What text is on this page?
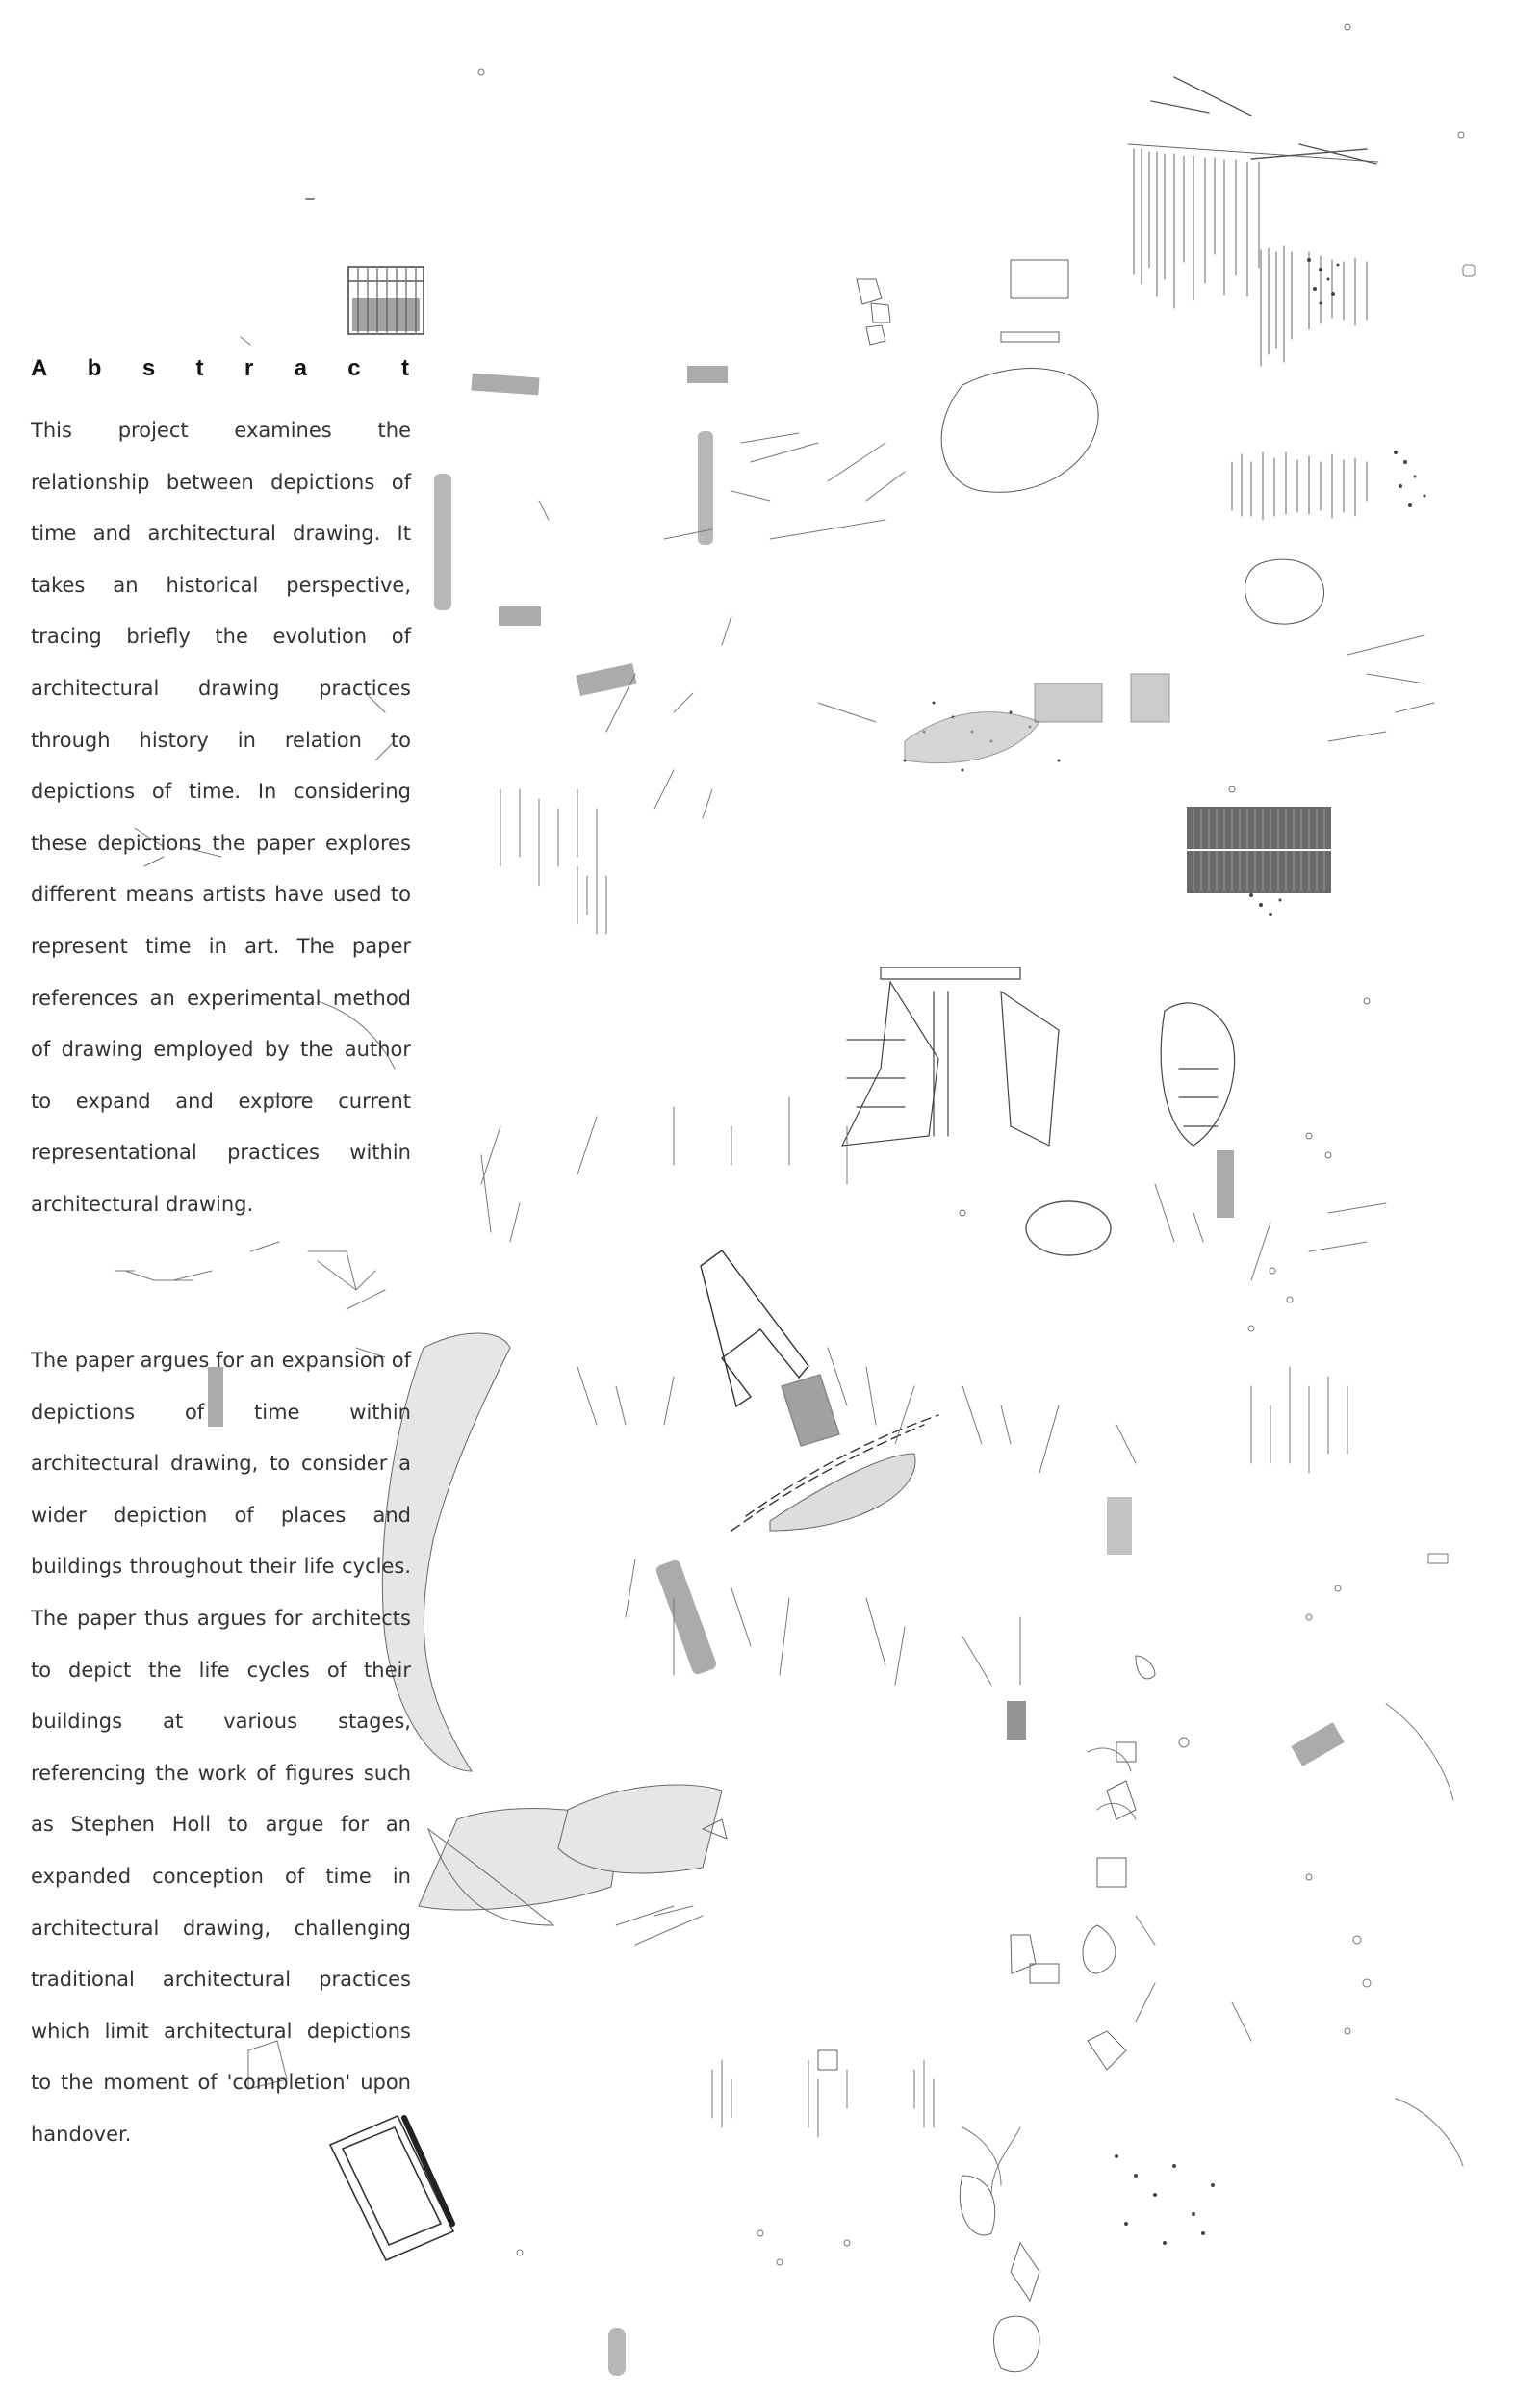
A b s t r a c t

This project examines the relationship between depictions of time and architectural drawing. It takes an historical perspective, tracing briefly the evolution of architectural drawing practices through history in relation to depictions of time. In considering these depictions the paper explores different means artists have used to represent time in art. The paper references an experimental method of drawing employed by the author to expand and explore current representational practices within architectural drawing.

The paper argues for an expansion of depictions of time within architectural drawing, to consider a wider depiction of places and buildings throughout their life cycles. The paper thus argues for architects to depict the life cycles of their buildings at various stages, referencing the work of figures such as Stephen Holl to argue for an expanded conception of time in architectural drawing, challenging traditional architectural practices which limit architectural depictions to the moment of 'completion' upon handover.
